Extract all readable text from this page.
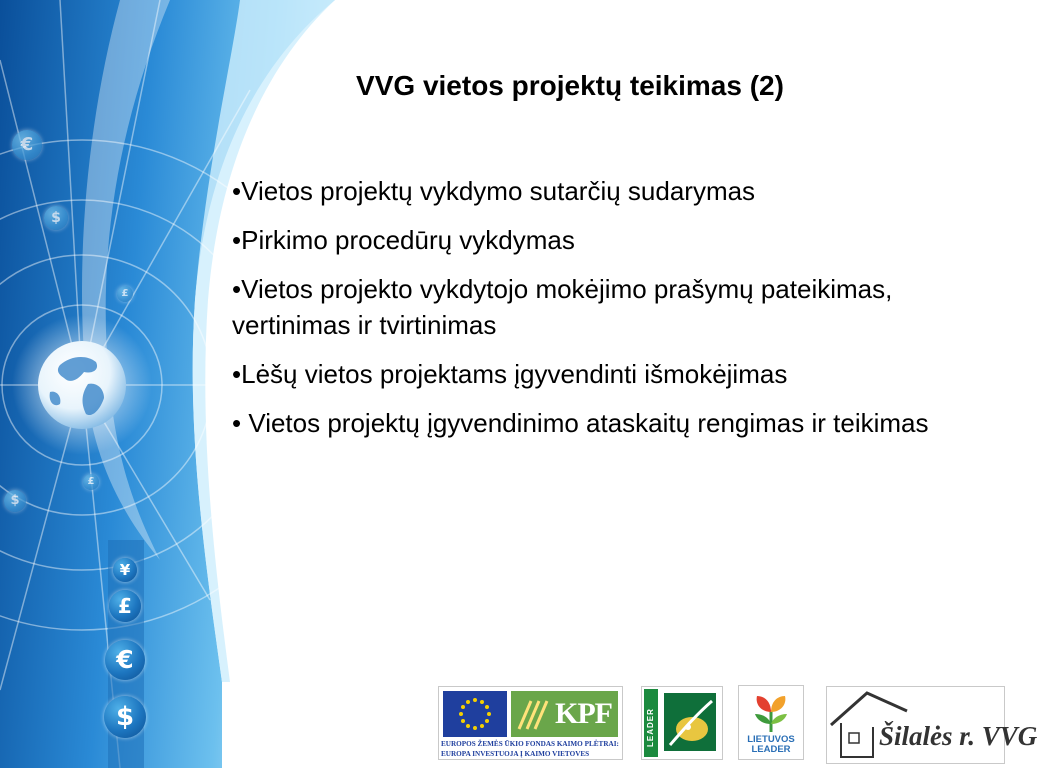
€
$
£
£
$
¥
£
€
$
VVG vietos projektų teikimas (2)
•Vietos projektų vykdymo sutarčių sudarymas
•Pirkimo procedūrų vykdymas
•Vietos projekto vykdytojo mokėjimo prašymų pateikimas, vertinimas ir tvirtinimas
•Lėšų vietos projektams įgyvendinti išmokėjimas
• Vietos projektų įgyvendinimo ataskaitų rengimas ir teikimas
KPF
EUROPOS ŽEMĖS ŪKIO FONDAS KAIMO PLĖTRAI:
EUROPA INVESTUOJA Į KAIMO VIETOVES
LEADER	LIETUVOS
LEADER	Šilalės r. VVG
